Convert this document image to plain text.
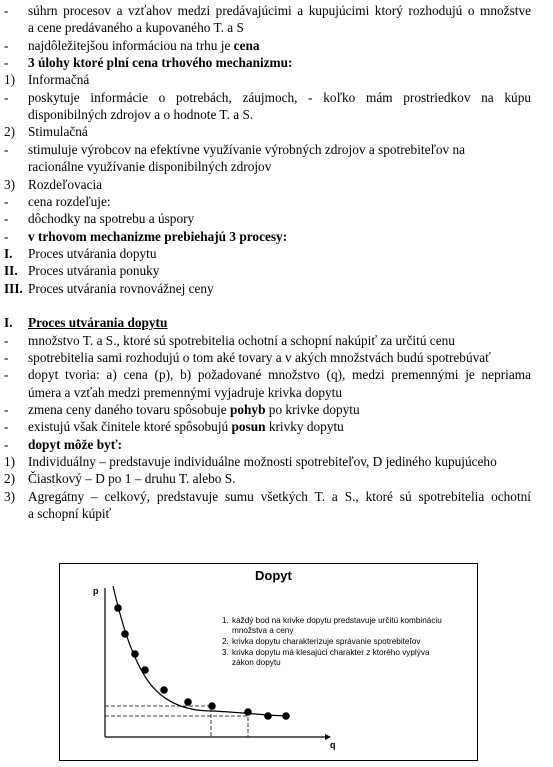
- súhrn procesov a vzťahov medzi predávajúcimi a kupujúcimi ktorý rozhodujú o množstve
a cene predávaného a kupovaného T. a S
- najdôležitejšou informáciou na trhu je cena
- 3 úlohy ktoré plní cena trhového mechanizmu:
1) Informačná
- poskytuje informácie o potrebách, záujmoch, - koľko mám prostriedkov na kúpu
disponibilných zdrojov a o hodnote T. a S.
2) Stimulačná
- stimuluje výrobcov na efektívne využívanie výrobných zdrojov a spotrebiteľov na
racionálne využívanie disponibilných zdrojov
3) Rozdeľovacia
- cena rozdeľuje:
- dôchodky na spotrebu a úspory
- v trhovom mechanizme prebiehajú 3 procesy:
I. Proces utvárania dopytu
II. Proces utvárania ponuky
III. Proces utvárania rovnovážnej ceny
I. Proces utvárania dopytu
- množstvo T. a S., ktoré sú spotrebitelia ochotní a schopní nakúpiť za určitú cenu
- spotrebitelia sami rozhodujú o tom aké tovary a v akých množstvách budú spotrebúvať
- dopyt tvoria: a) cena (p), b) požadované množstvo (q), medzi premennými je nepriama
úmera a vzťah medzi premennými vyjadruje krivka dopytu
- zmena ceny daného tovaru spôsobuje pohyb po krivke dopytu
- existujú však činitele ktoré spôsobujú posun krivky dopytu
- dopyt môže byť:
1) Individuálny – predstavuje individuálne možnosti spotrebiteľov, D jediného kupujúceho
2) Čiastkový – D po 1 – druhu T. alebo S.
3) Agregátny – celkový, predstavuje sumu všetkých T. a S., ktoré sú spotrebitelia ochotní
a schopní kúpiť
Dopyt
p
q
1. každý bod na krivke dopytu predstavuje určitú kombináciu
množstva a ceny
2. krivka dopytu charakterizuje správanie spotrebiteľov
3. krivka dopytu má klesajúci charakter z ktorého vyplýva
zákon dopytu
